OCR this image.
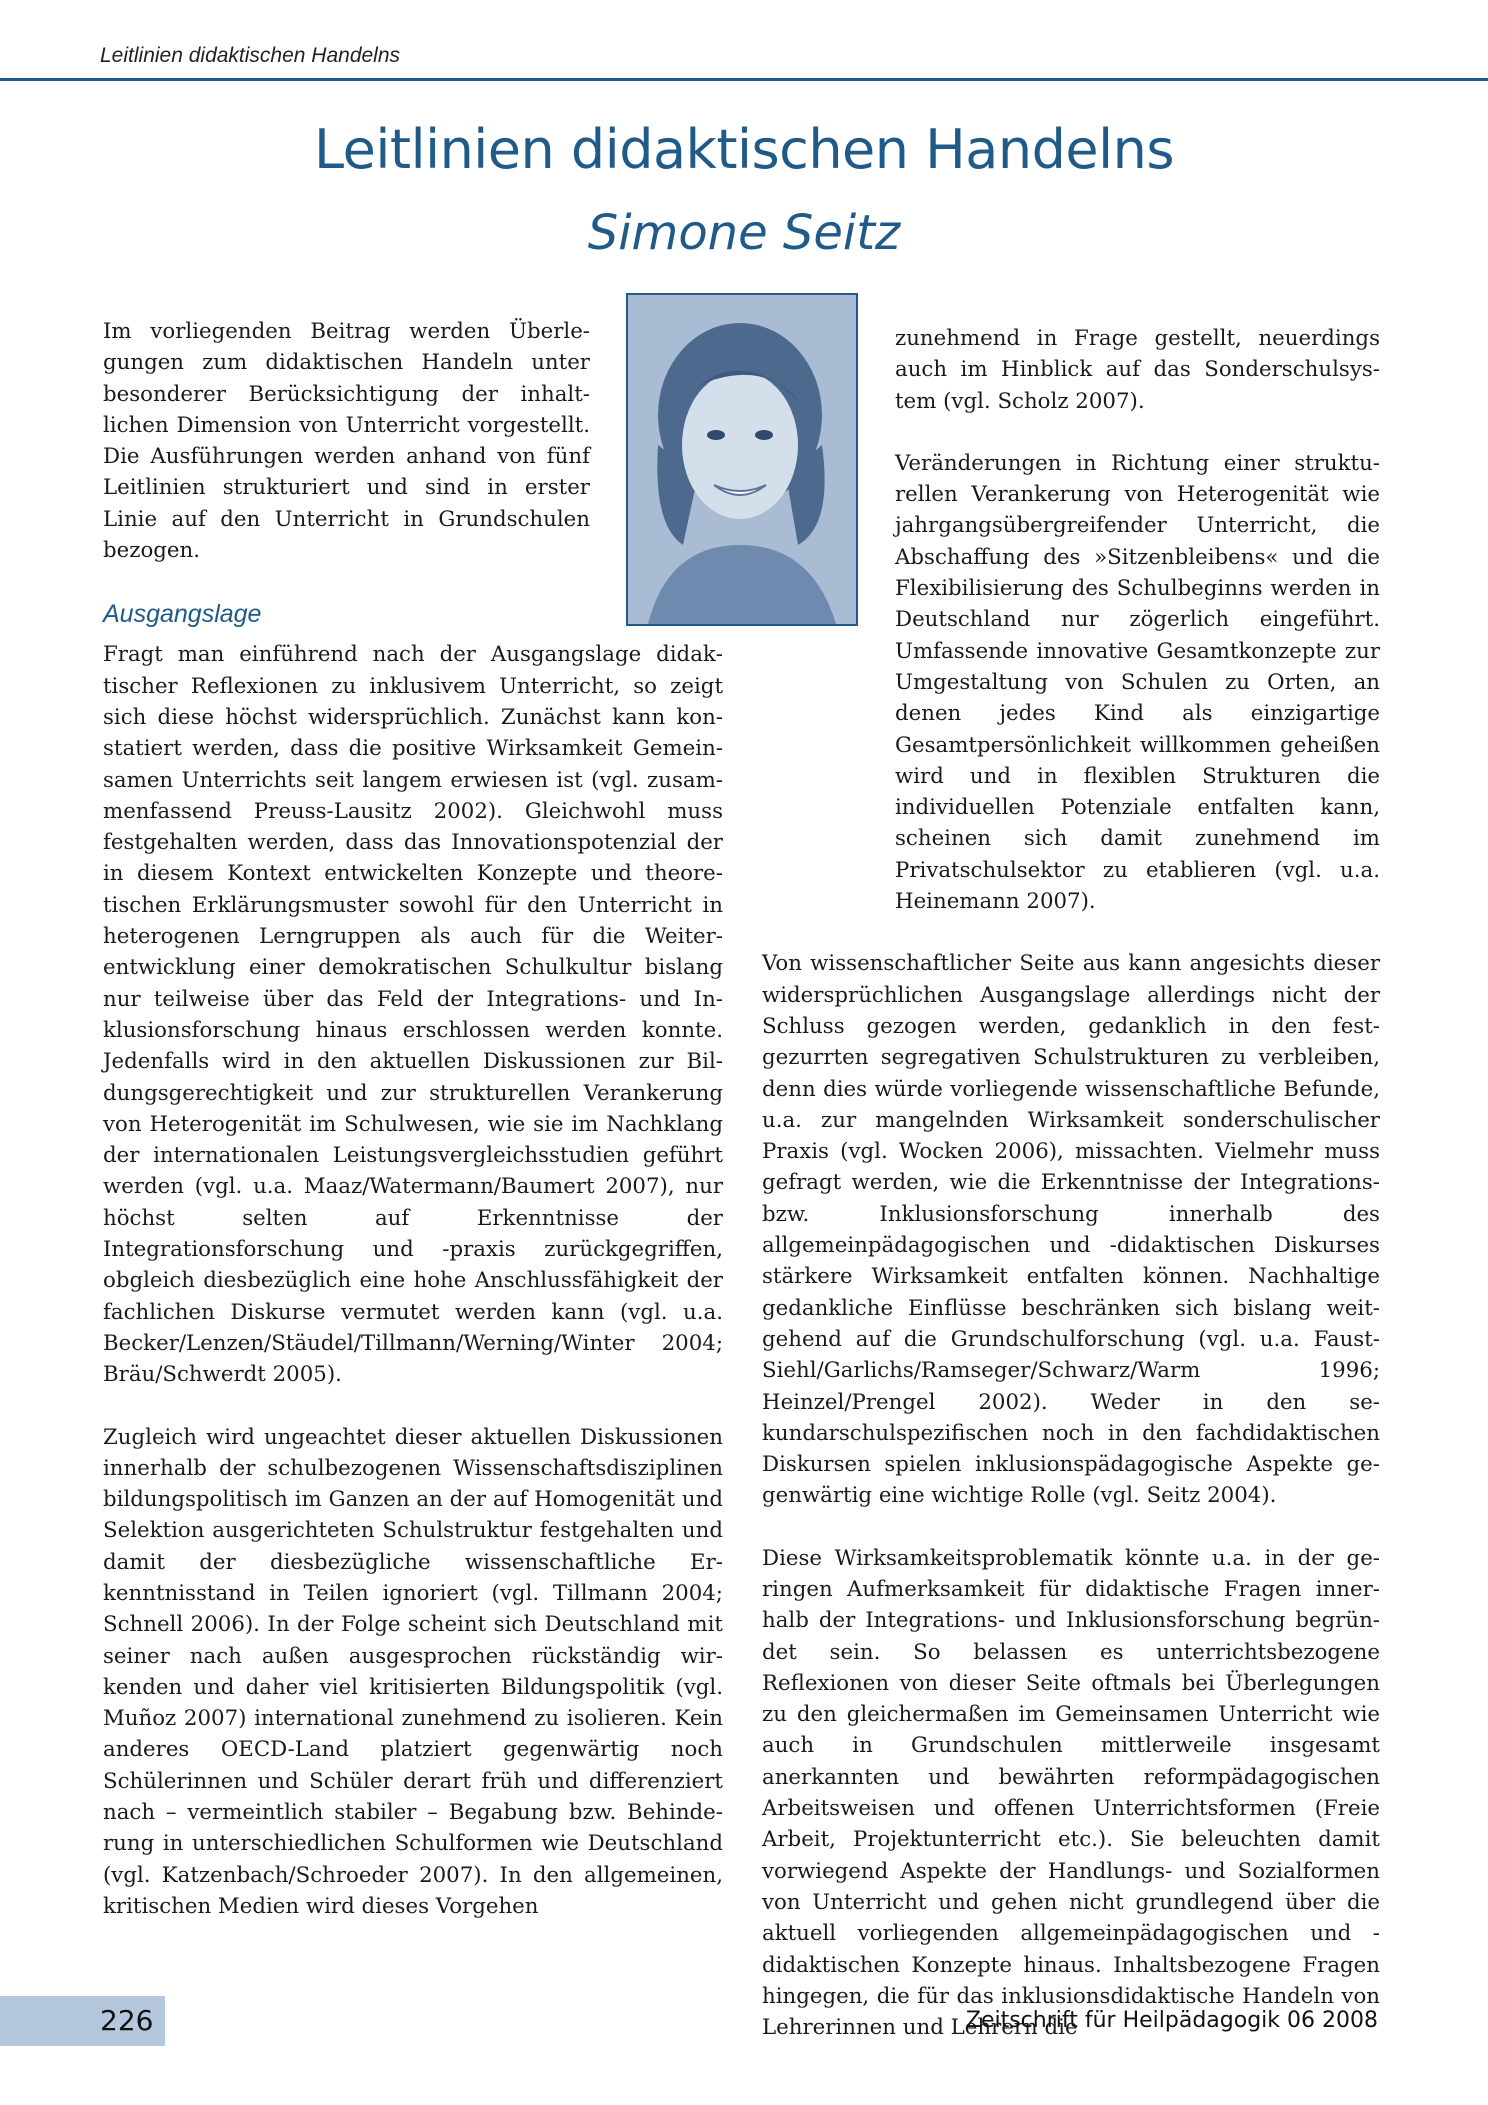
Leitlinien didaktischen Handelns
Leitlinien didaktischen Handelns
Simone Seitz

Im vorliegenden Beitrag werden Überlegungen zum didaktischen Handeln unter besonderer Berücksichtigung der inhaltlichen Dimension von Unterricht vorgestellt. Die Ausführungen werden anhand von fünf Leitlinien strukturiert und sind in erster Linie auf den Unterricht in Grundschulen bezogen.

Ausgangslage

Fragt man einführend nach der Ausgangslage didaktischer Reflexionen zu inklusivem Unterricht, so zeigt sich diese höchst widersprüchlich. Zunächst kann konstatiert werden, dass die positive Wirksamkeit Gemeinsamen Unterrichts seit langem erwiesen ist (vgl. zusammenfassend Preuss-Lausitz 2002). Gleichwohl muss festgehalten werden, dass das Innovationspotenzial der in diesem Kontext entwickelten Konzepte und theoretischen Erklärungsmuster sowohl für den Unterricht in heterogenen Lerngruppen als auch für die Weiterentwicklung einer demokratischen Schulkultur bislang nur teilweise über das Feld der Integrations- und Inklusionsforschung hinaus erschlossen werden konnte. Jedenfalls wird in den aktuellen Diskussionen zur Bildungsgerechtigkeit und zur strukturellen Verankerung von Heterogenität im Schulwesen, wie sie im Nachklang der internationalen Leistungsvergleichsstudien geführt werden (vgl. u.a. Maaz/Watermann/Baumert 2007), nur höchst selten auf Erkenntnisse der Integrationsforschung und -praxis zurückgegriffen, obgleich diesbezüglich eine hohe Anschlussfähigkeit der fachlichen Diskurse vermutet werden kann (vgl. u.a. Becker/Lenzen/Stäudel/Tillmann/Werning/Winter 2004; Bräu/Schwerdt 2005).

Zugleich wird ungeachtet dieser aktuellen Diskussionen innerhalb der schulbezogenen Wissenschaftsdisziplinen bildungspolitisch im Ganzen an der auf Homogenität und Selektion ausgerichteten Schulstruktur festgehalten und damit der diesbezügliche wissenschaftliche Erkenntnisstand in Teilen ignoriert (vgl. Tillmann 2004; Schnell 2006). In der Folge scheint sich Deutschland mit seiner nach außen ausgesprochen rückständig wirkenden und daher viel kritisierten Bildungspolitik (vgl. Muñoz 2007) international zunehmend zu isolieren. Kein anderes OECD-Land platziert gegenwärtig noch Schülerinnen und Schüler derart früh und differenziert nach – vermeintlich stabiler – Begabung bzw. Behinderung in unterschiedlichen Schulformen wie Deutschland (vgl. Katzenbach/Schroeder 2007). In den allgemeinen, kritischen Medien wird dieses Vorgehen

zunehmend in Frage gestellt, neuerdings auch im Hinblick auf das Sonderschulsystem (vgl. Scholz 2007).

Veränderungen in Richtung einer strukturellen Verankerung von Heterogenität wie jahrgangsübergreifender Unterricht, die Abschaffung des »Sitzenbleibens« und die Flexibilisierung des Schulbeginns werden in Deutschland nur zögerlich eingeführt. Umfassende innovative Gesamtkonzepte zur Umgestaltung von Schulen zu Orten, an denen jedes Kind als einzigartige Gesamtpersönlichkeit willkommen geheißen wird und in flexiblen Strukturen die individuellen Potenziale entfalten kann, scheinen sich damit zunehmend im Privatschulsektor zu etablieren (vgl. u.a. Heinemann 2007).

Von wissenschaftlicher Seite aus kann angesichts dieser widersprüchlichen Ausgangslage allerdings nicht der Schluss gezogen werden, gedanklich in den festgezurrten segregativen Schulstrukturen zu verbleiben, denn dies würde vorliegende wissenschaftliche Befunde, u.a. zur mangelnden Wirksamkeit sonderschulischer Praxis (vgl. Wocken 2006), missachten. Vielmehr muss gefragt werden, wie die Erkenntnisse der Integrations- bzw. Inklusionsforschung innerhalb des allgemeinpädagogischen und -didaktischen Diskurses stärkere Wirksamkeit entfalten können. Nachhaltige gedankliche Einflüsse beschränken sich bislang weitgehend auf die Grundschulforschung (vgl. u.a. Faust-Siehl/Garlichs/Ramseger/Schwarz/Warm 1996; Heinzel/Prengel 2002). Weder in den sekundarschulspezifischen noch in den fachdidaktischen Diskursen spielen inklusionspädagogische Aspekte gegenwärtig eine wichtige Rolle (vgl. Seitz 2004).

Diese Wirksamkeitsproblematik könnte u.a. in der geringen Aufmerksamkeit für didaktische Fragen innerhalb der Integrations- und Inklusionsforschung begründet sein. So belassen es unterrichtsbezogene Reflexionen von dieser Seite oftmals bei Überlegungen zu den gleichermaßen im Gemeinsamen Unterricht wie auch in Grundschulen mittlerweile insgesamt anerkannten und bewährten reformpädagogischen Arbeitsweisen und offenen Unterrichtsformen (Freie Arbeit, Projektunterricht etc.). Sie beleuchten damit vorwiegend Aspekte der Handlungs- und Sozialformen von Unterricht und gehen nicht grundlegend über die aktuell vorliegenden allgemeinpädagogischen und -didaktischen Konzepte hinaus. Inhaltsbezogene Fragen hingegen, die für das inklusionsdidaktische Handeln von Lehrerinnen und Lehrern die

226	Zeitschrift für Heilpädagogik 06 2008
